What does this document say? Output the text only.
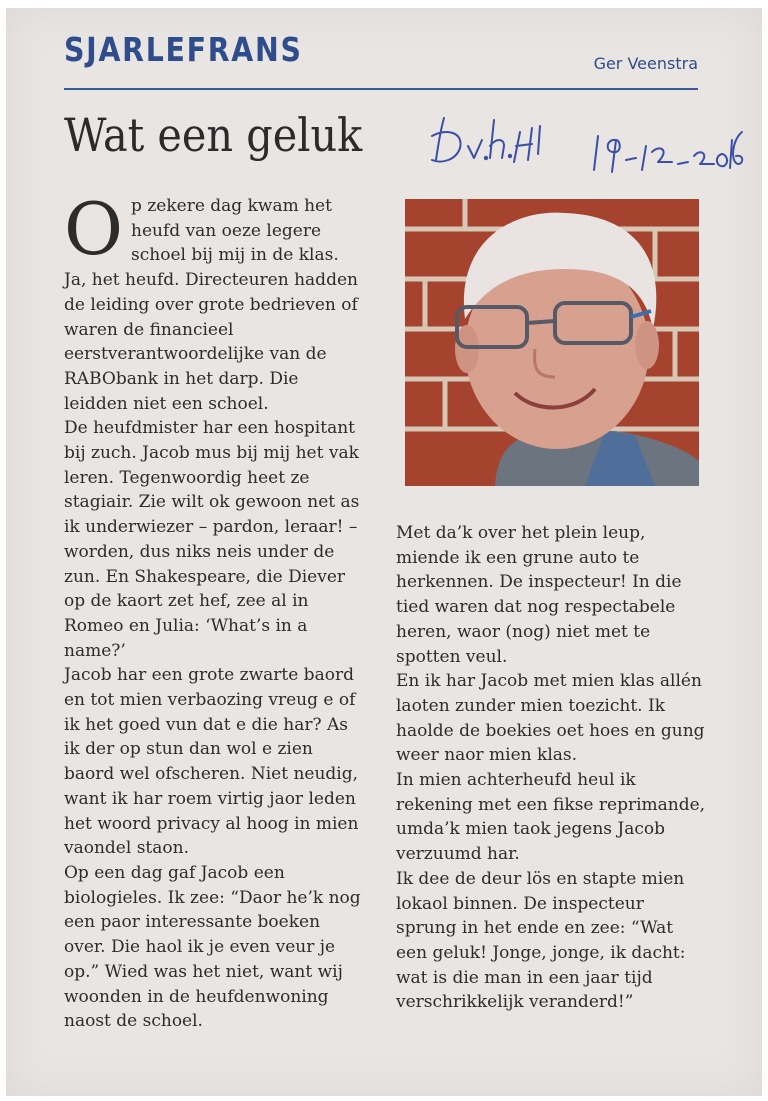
SJARLEFRANS	Ger Veenstra
Wat een geluk

Op zekere dag kwam het heufd van oeze legere schoel bij mij in de klas. Ja, het heufd. Directeuren hadden de leiding over grote bedrieven of waren de financieel eerstverantwoordelijke van de RABObank in het darp. Die leidden niet een schoel.

De heufdmister har een hospitant bij zuch. Jacob mus bij mij het vak leren. Tegenwoordig heet ze stagiair. Zie wilt ok gewoon net as ik underwiezer – pardon, leraar! – worden, dus niks neis under de zun. En Shakespeare, die Diever op de kaort zet hef, zee al in Romeo en Julia: ‘What’s in a name?’

Jacob har een grote zwarte baord en tot mien verbaozing vreug e of ik het goed vun dat e die har? As ik der op stun dan wol e zien baord wel ofscheren. Niet neudig, want ik har roem virtig jaor leden het woord privacy al hoog in mien vaondel staon.

Op een dag gaf Jacob een biologieles. Ik zee: “Daor he’k nog een paor interessante boeken over. Die haol ik je even veur je op.” Wied was het niet, want wij woonden in de heufdenwoning naost de schoel.

Met da’k over het plein leup, miende ik een grune auto te herkennen. De inspecteur! In die tied waren dat nog respectabele heren, waor (nog) niet met te spotten veul.

En ik har Jacob met mien klas allén laoten zunder mien toezicht. Ik haolde de boekies oet hoes en gung weer naor mien klas.

In mien achterheufd heul ik rekening met een fikse reprimande, umda’k mien taok jegens Jacob verzuumd har.

Ik dee de deur lös en stapte mien lokaol binnen. De inspecteur sprung in het ende en zee: “Wat een geluk! Jonge, jonge, ik dacht: wat is die man in een jaar tijd verschrikkelijk veranderd!”
